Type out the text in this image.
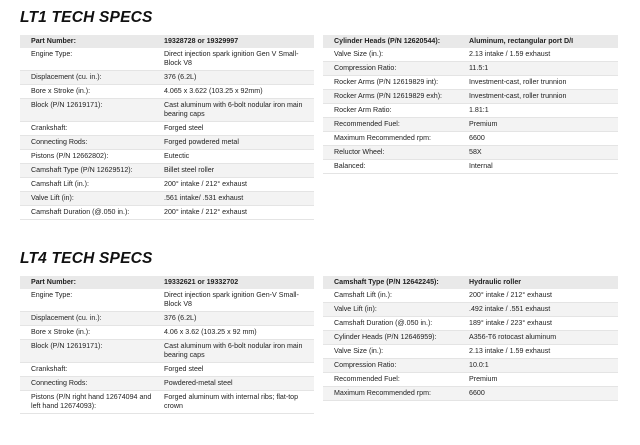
LT1 TECH SPECS
Part Number:	19328728 or 19329997
Engine Type:	Direct injection spark ignition Gen V Small-Block V8
Displacement (cu. in.):	376 (6.2L)
Bore x Stroke (in.):	4.065 x 3.622 (103.25 x 92mm)
Block (P/N 12619171):	Cast aluminum with 6-bolt nodular iron main bearing caps
Crankshaft:	Forged steel
Connecting Rods:	Forged powdered metal
Pistons (P/N 12662802):	Eutectic
Camshaft Type (P/N 12629512):	Billet steel roller
Camshaft Lift (in.):	200° intake / 212° exhaust
Valve Lift (in):	.561 intake/ .531 exhaust
Camshaft Duration (@.050 in.):	200° intake / 212° exhaust
Cylinder Heads (P/N 12620544):	Aluminum, rectangular port D/I
Valve Size (in.):	2.13 intake / 1.59 exhaust
Compression Ratio:	11.5:1
Rocker Arms (P/N 12619829 int):	Investment-cast, roller trunnion
Rocker Arms (P/N 12619829 exh):	Investment-cast, roller trunnion
Rocker Arm Ratio:	1.81:1
Recommended Fuel:	Premium
Maximum Recommended rpm:	6600
Reluctor Wheel:	58X
Balanced:	Internal
LT4 TECH SPECS
Part Number:	19332621 or 19332702
Engine Type:	Direct injection spark ignition Gen-V Small-Block V8
Displacement (cu. in.):	376 (6.2L)
Bore x Stroke (in.):	4.06 x 3.62 (103.25 x 92 mm)
Block (P/N 12619171):	Cast aluminum with 6-bolt nodular iron main bearing caps
Crankshaft:	Forged steel
Connecting Rods:	Powdered-metal steel
Pistons (P/N right hand 12674094 and left hand 12674093):	Forged aluminum with internal ribs; flat-top crown
Camshaft Type (P/N 12642245):	Hydraulic roller
Camshaft Lift (in.):	200° intake / 212° exhaust
Valve Lift (in):	.492 intake / .551 exhaust
Camshaft Duration (@.050 in.):	189° intake / 223° exhaust
Cylinder Heads (P/N 12646959):	A356-T6 rotocast aluminum
Valve Size (in.):	2.13 intake / 1.59 exhaust
Compression Ratio:	10.0:1
Recommended Fuel:	Premium
Maximum Recommended rpm:	6600
